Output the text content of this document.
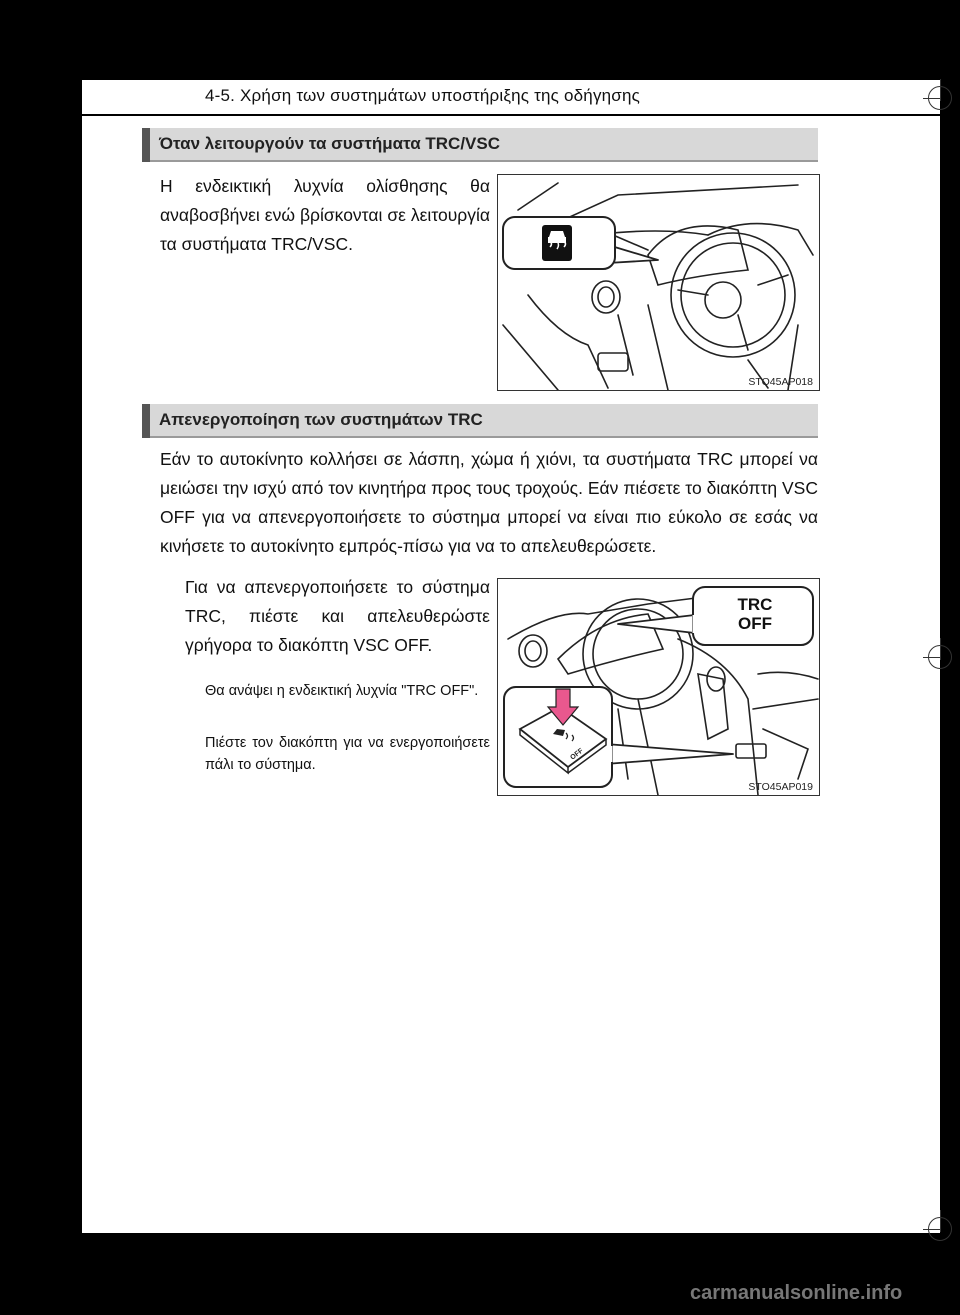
4-5. Χρήση των συστημάτων υποστήριξης της οδήγησης
Όταν λειτουργούν τα συστήματα TRC/VSC
Η ενδεικτική λυχνία ολίσθησης θα αναβοσβήνει ενώ βρίσκονται σε λειτουργία τα συστήματα TRC/VSC.
STO45AP018
Απενεργοποίηση των συστημάτων TRC
Εάν το αυτοκίνητο κολλήσει σε λάσπη, χώμα ή χιόνι, τα συστήματα TRC μπορεί να μειώσει την ισχύ από τον κινητήρα προς τους τροχούς. Εάν πιέσετε το διακόπτη VSC OFF για να απενεργοποιήσετε το σύστημα μπορεί να είναι πιο εύκολο σε εσάς να κινήσετε το αυτοκίνητο εμπρός-πίσω για να το απελευθερώσετε.
Για να απενεργοποιήσετε το σύστημα TRC, πιέστε και απελευθερώστε γρήγορα το διακόπτη VSC OFF.
Θα ανάψει η ενδεικτική λυχνία "TRC OFF".
Πιέστε τον διακόπτη για να ενεργοποιήσετε πάλι το σύστημα.
TRC
OFF
OFF
STO45AP019
carmanualsonline.info
